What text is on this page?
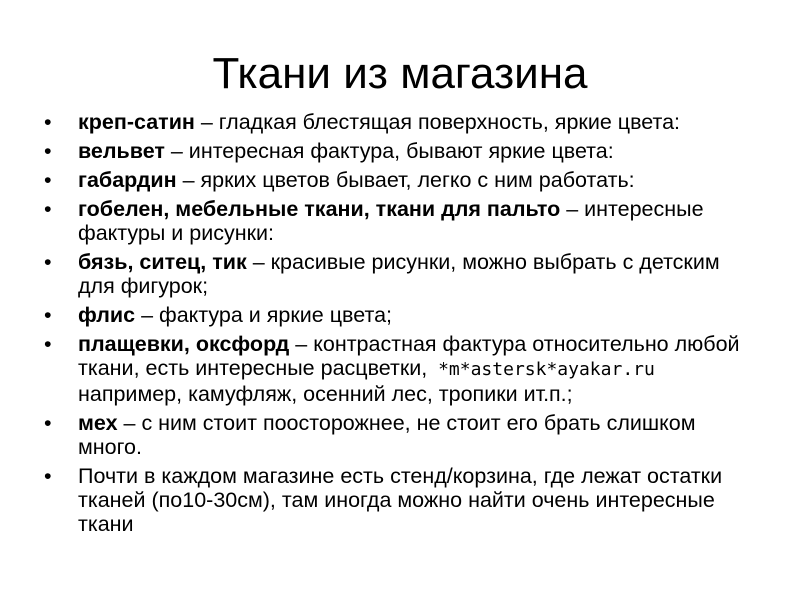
Ткани из магазина
•	креп-сатин – гладкая блестящая поверхность, яркие цвета:
•	вельвет – интересная фактура, бывают яркие цвета:
•	габардин – ярких цветов бывает, легко с ним работать:
•	гобелен, мебельные ткани, ткани для пальто – интересные фактуры и рисунки:
•	бязь, ситец, тик – красивые рисунки, можно выбрать с детским для фигурок;
•	флис – фактура и яркие цвета;
•	плащевки, оксфорд – контрастная фактура относительно любой ткани, есть интересные расцветки, *m*astersk*ayakar.ru например, камуфляж, осенний лес, тропики ит.п.;
•	мех – с ним стоит поосторожнее, не стоит его брать слишком много.
•	Почти в каждом магазине есть стенд/корзина, где лежат остатки тканей (по10-30см), там иногда можно найти очень интересные ткани
